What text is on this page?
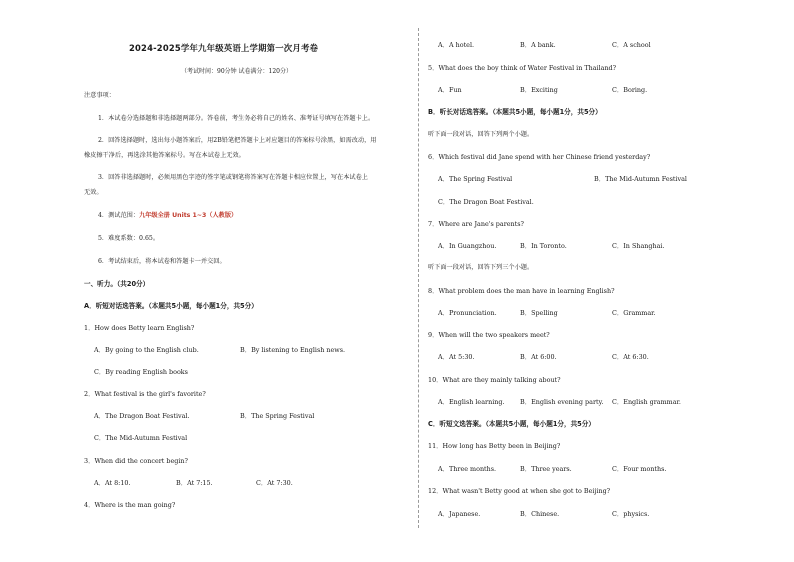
2024-2025学年九年级英语上学期第一次月考卷
（考试时间：90分钟 试卷满分：120分）
注意事项：
1．本试卷分选择题和非选择题两部分。答卷前，考生务必将自己的姓名、准考证号填写在答题卡上。
2．回答选择题时，选出每小题答案后，用2B铅笔把答题卡上对应题目的答案标号涂黑，如需改动，用
橡皮擦干净后，再选涂其他答案标号。写在本试卷上无效。
3．回答非选择题时，必须用黑色字迹的签字笔或钢笔将答案写在答题卡相应位置上，写在本试卷上
无效。
4．测试范围：九年级全册 Units 1~3（人教版）
5．难度系数：0.65。
6．考试结束后，将本试卷和答题卡一并交回。
一、听力。（共20分）
A．听短对话选答案。（本题共5小题，每小题1分，共5分）
1．How does Betty learn English?
A．By going to the English club.	B．By listening to English news.
C．By reading English books
2．What festival is the girl's favorite?
A．The Dragon Boat Festival.	B．The Spring Festival
C．The Mid-Autumn Festival
3．When did the concert begin?
A．At 8:10.	B．At 7:15.	C．At 7:30.
4．Where is the man going?
A．A hotel.	B．A bank.	C．A school
5．What does the boy think of Water Festival in Thailand?
A．Fun	B．Exciting	C．Boring.
B．听长对话选答案。（本题共5小题，每小题1分，共5分）
听下面一段对话，回答下列两个小题。
6．Which festival did Jane spend with her Chinese friend yesterday?
A．The Spring Festival	B．The Mid-Autumn Festival
C．The Dragon Boat Festival.
7．Where are Jane's parents?
A．In Guangzhou.	B．In Toronto.	C．In Shanghai.
听下面一段对话，回答下列三个小题。
8．What problem does the man have in learning English?
A．Pronunciation.	B．Spelling	C．Grammar.
9．When will the two speakers meet?
A．At 5:30.	B．At 6:00.	C．At 6:30.
10．What are they mainly talking about?
A．English learning. B．English evening party. C．English grammar.
C．听短文选答案。（本题共5小题，每小题1分，共5分）
11．How long has Betty been in Beijing?
A．Three months.	B．Three years.	C．Four months.
12．What wasn't Betty good at when she got to Beijing?
A．Japanese.	B．Chinese.	C．physics.
